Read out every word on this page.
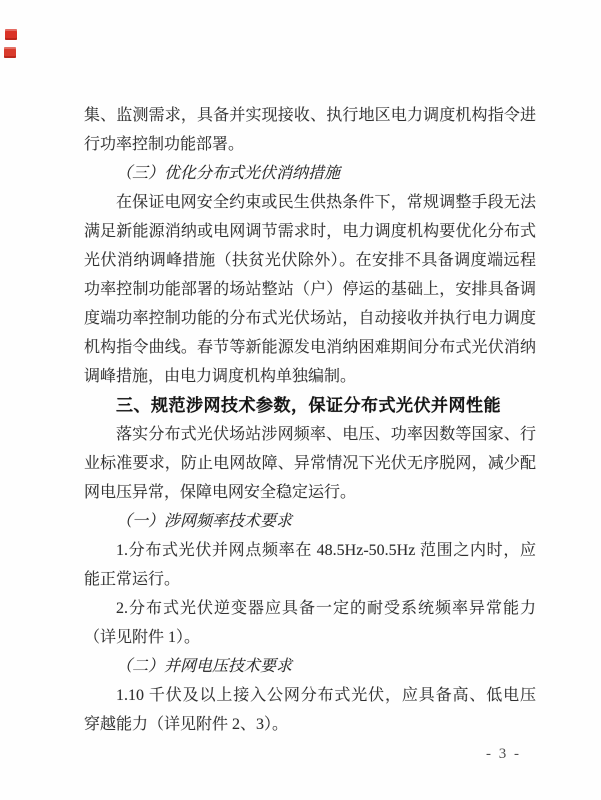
集、监测需求，具备并实现接收、执行地区电力调度机构指令进
行功率控制功能部署。
（三）优化分布式光伏消纳措施
在保证电网安全约束或民生供热条件下，常规调整手段无法
满足新能源消纳或电网调节需求时，电力调度机构要优化分布式
光伏消纳调峰措施（扶贫光伏除外）。在安排不具备调度端远程
功率控制功能部署的场站整站（户）停运的基础上，安排具备调
度端功率控制功能的分布式光伏场站，自动接收并执行电力调度
机构指令曲线。春节等新能源发电消纳困难期间分布式光伏消纳
调峰措施，由电力调度机构单独编制。
三、规范涉网技术参数，保证分布式光伏并网性能
落实分布式光伏场站涉网频率、电压、功率因数等国家、行
业标准要求，防止电网故障、异常情况下光伏无序脱网，减少配
网电压异常，保障电网安全稳定运行。
（一）涉网频率技术要求
1.分布式光伏并网点频率在 48.5Hz-50.5Hz 范围之内时，应
能正常运行。
2.分布式光伏逆变器应具备一定的耐受系统频率异常能力
（详见附件 1）。
（二）并网电压技术要求
1.10 千伏及以上接入公网分布式光伏，应具备高、低电压
穿越能力（详见附件 2、3）。
- 3 -
